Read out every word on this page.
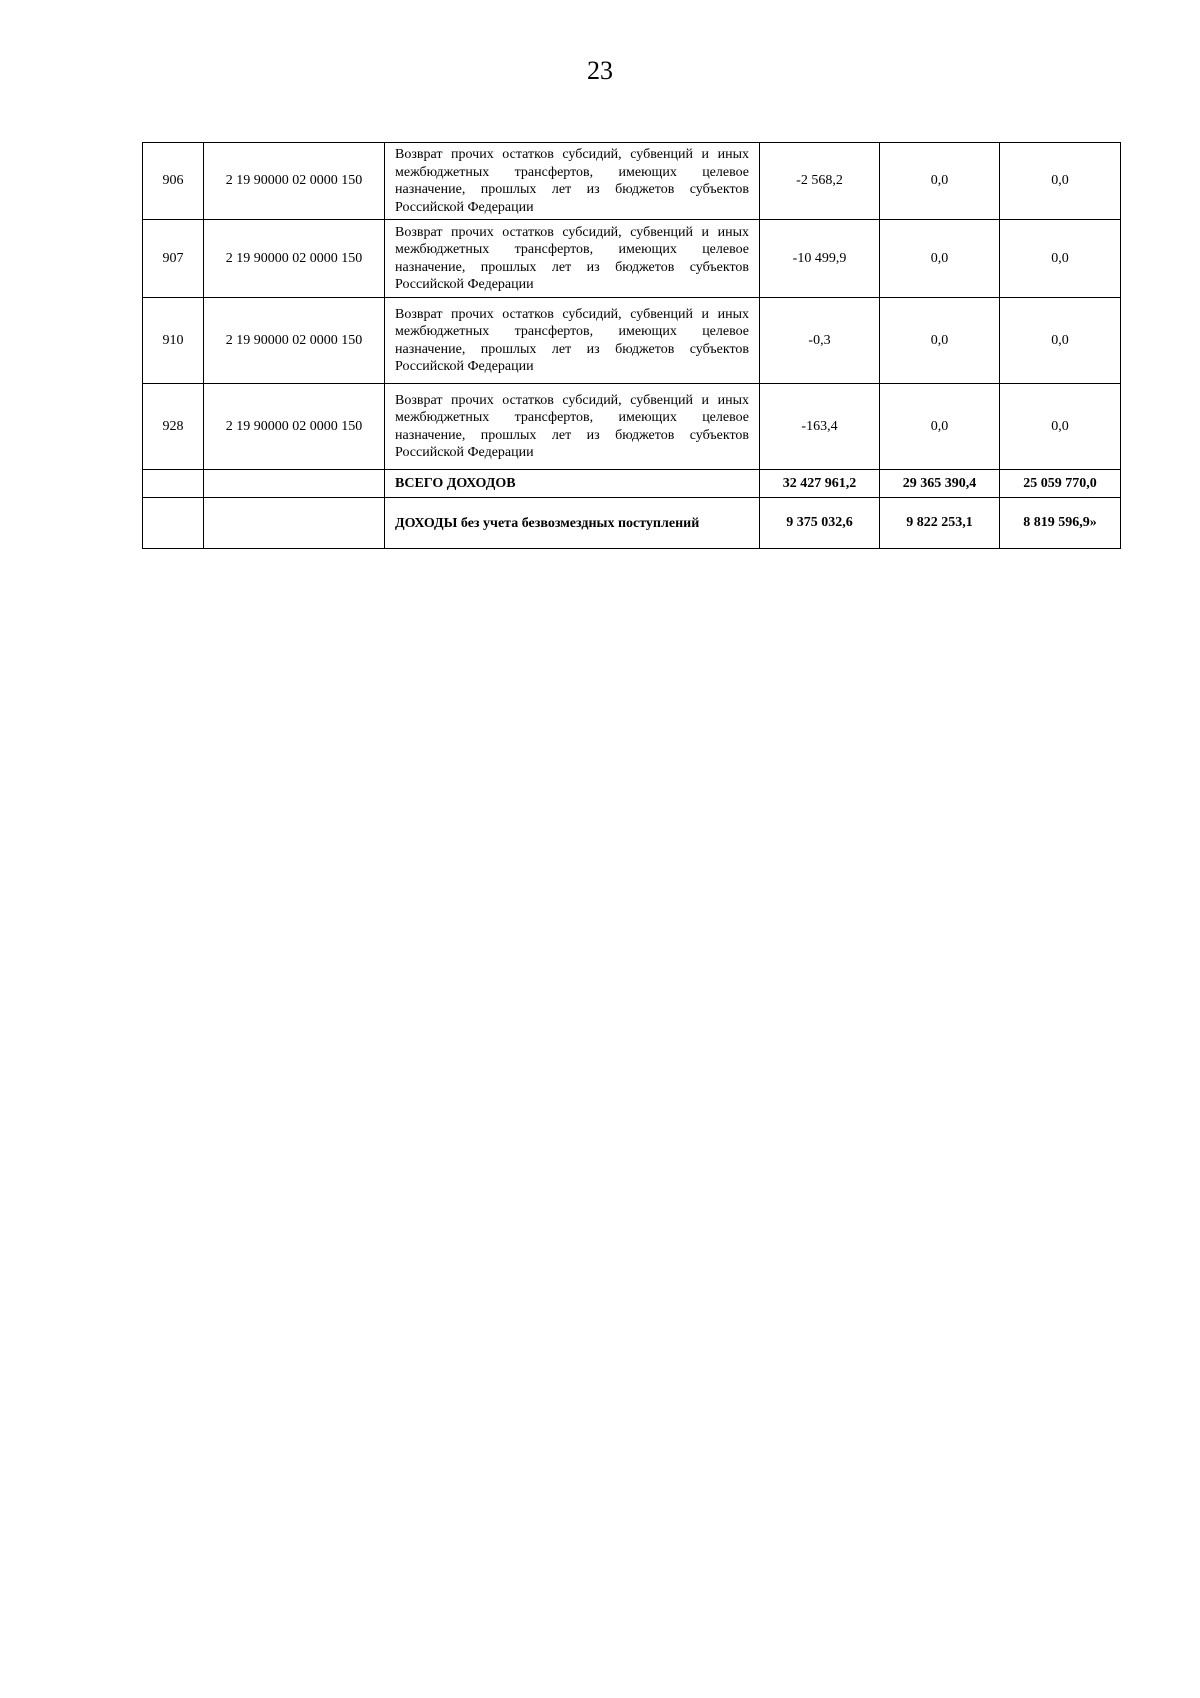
23
906	2 19 90000 02 0000 150	Возврат прочих остатков субсидий, субвенций и иных межбюджетных трансфертов, имеющих целевое назначение, прошлых лет из бюджетов субъектов Российской Федерации	-2 568,2	0,0	0,0
907	2 19 90000 02 0000 150	Возврат прочих остатков субсидий, субвенций и иных межбюджетных трансфертов, имеющих целевое назначение, прошлых лет из бюджетов субъектов Российской Федерации	-10 499,9	0,0	0,0
910	2 19 90000 02 0000 150	Возврат прочих остатков субсидий, субвенций и иных межбюджетных трансфертов, имеющих целевое назначение, прошлых лет из бюджетов субъектов Российской Федерации	-0,3	0,0	0,0
928	2 19 90000 02 0000 150	Возврат прочих остатков субсидий, субвенций и иных межбюджетных трансфертов, имеющих целевое назначение, прошлых лет из бюджетов субъектов Российской Федерации	-163,4	0,0	0,0
		ВСЕГО ДОХОДОВ	32 427 961,2	29 365 390,4	25 059 770,0
		ДОХОДЫ без учета безвозмездных поступлений	9 375 032,6	9 822 253,1	8 819 596,9»
